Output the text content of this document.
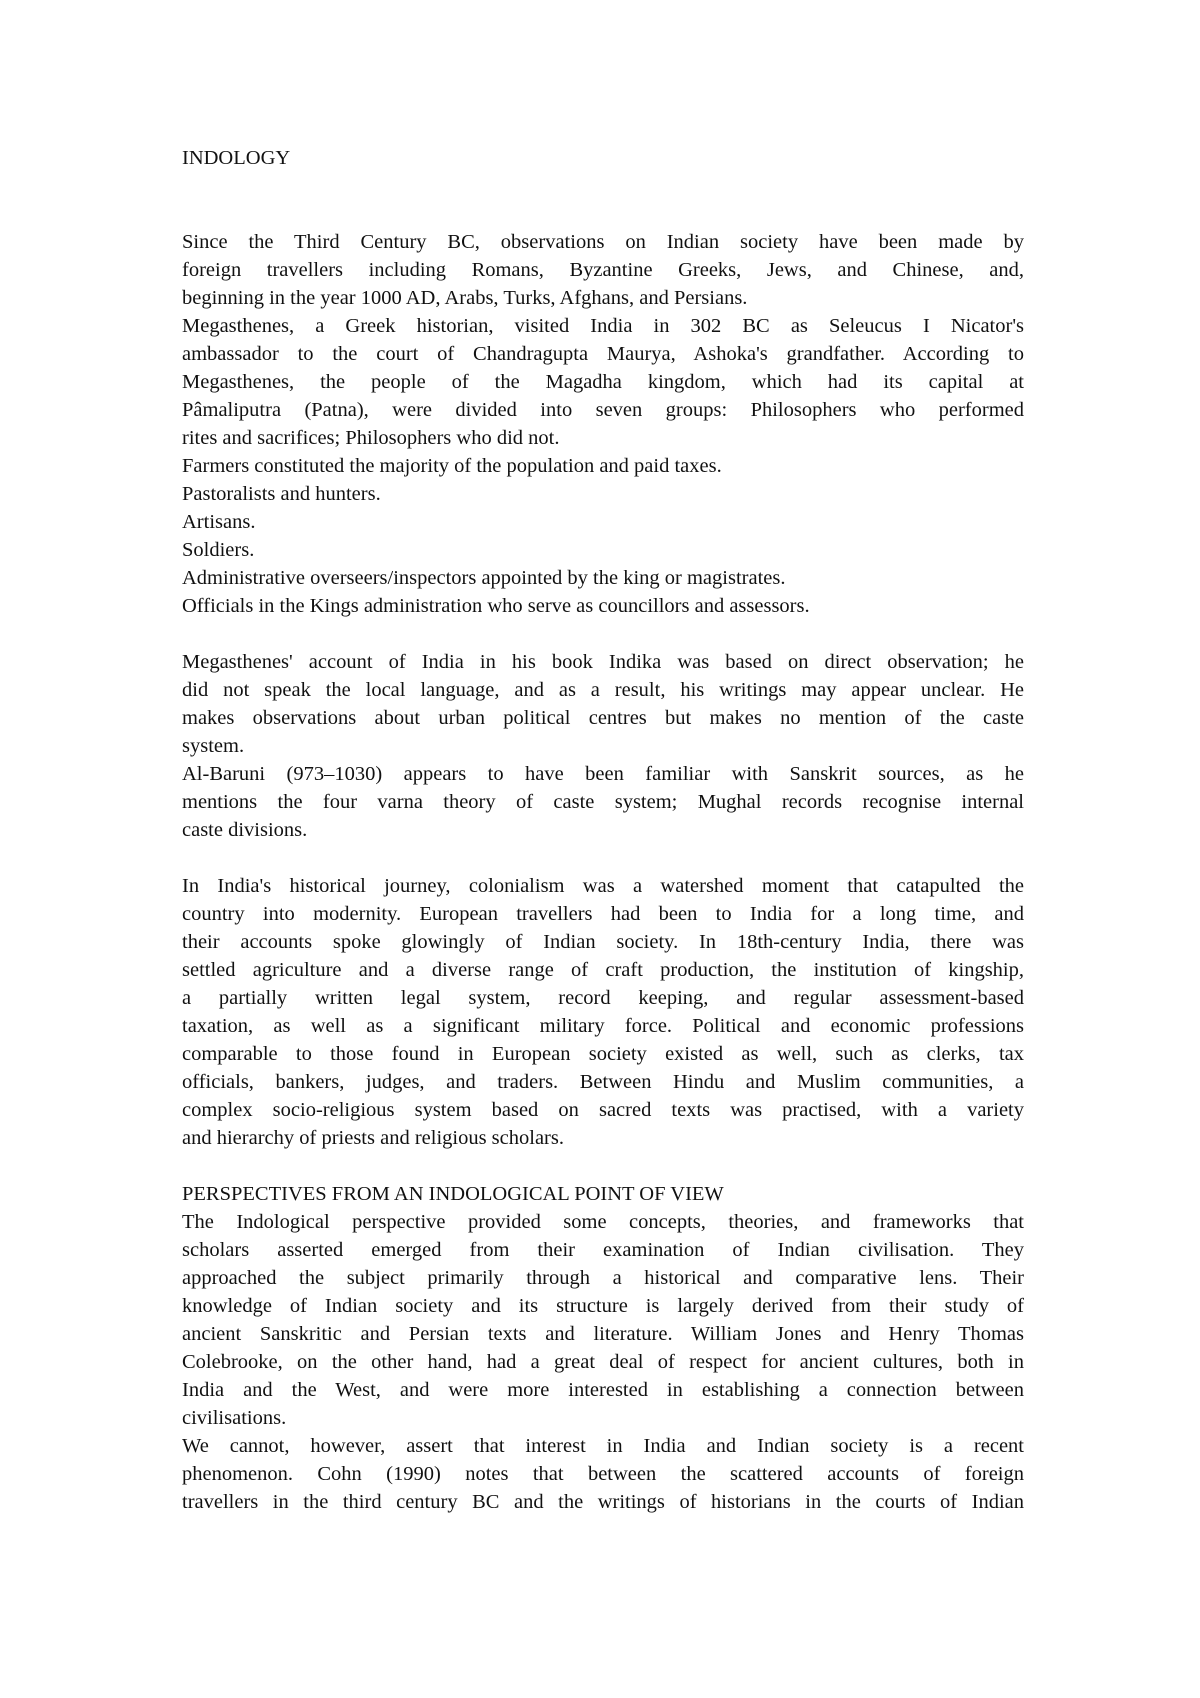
INDOLOGY
Since the Third Century BC, observations on Indian society have been made by
foreign travellers including Romans, Byzantine Greeks, Jews, and Chinese, and,
beginning in the year 1000 AD, Arabs, Turks, Afghans, and Persians.
Megasthenes, a Greek historian, visited India in 302 BC as Seleucus I Nicator's
ambassador to the court of Chandragupta Maurya, Ashoka's grandfather. According to
Megasthenes, the people of the Magadha kingdom, which had its capital at
Pâmaliputra (Patna), were divided into seven groups: Philosophers who performed
rites and sacrifices; Philosophers who did not.
Farmers constituted the majority of the population and paid taxes.
Pastoralists and hunters.
Artisans.
Soldiers.
Administrative overseers/inspectors appointed by the king or magistrates.
Officials in the Kings administration who serve as councillors and assessors.
Megasthenes' account of India in his book Indika was based on direct observation; he
did not speak the local language, and as a result, his writings may appear unclear. He
makes observations about urban political centres but makes no mention of the caste
system.
Al-Baruni (973–1030) appears to have been familiar with Sanskrit sources, as he
mentions the four varna theory of caste system; Mughal records recognise internal
caste divisions.
In India's historical journey, colonialism was a watershed moment that catapulted the
country into modernity. European travellers had been to India for a long time, and
their accounts spoke glowingly of Indian society. In 18th-century India, there was
settled agriculture and a diverse range of craft production, the institution of kingship,
a partially written legal system, record keeping, and regular assessment-based
taxation, as well as a significant military force. Political and economic professions
comparable to those found in European society existed as well, such as clerks, tax
officials, bankers, judges, and traders. Between Hindu and Muslim communities, a
complex socio-religious system based on sacred texts was practised, with a variety
and hierarchy of priests and religious scholars.
PERSPECTIVES FROM AN INDOLOGICAL POINT OF VIEW
The Indological perspective provided some concepts, theories, and frameworks that
scholars asserted emerged from their examination of Indian civilisation. They
approached the subject primarily through a historical and comparative lens. Their
knowledge of Indian society and its structure is largely derived from their study of
ancient Sanskritic and Persian texts and literature. William Jones and Henry Thomas
Colebrooke, on the other hand, had a great deal of respect for ancient cultures, both in
India and the West, and were more interested in establishing a connection between
civilisations.
We cannot, however, assert that interest in India and Indian society is a recent
phenomenon. Cohn (1990) notes that between the scattered accounts of foreign
travellers in the third century BC and the writings of historians in the courts of Indian
